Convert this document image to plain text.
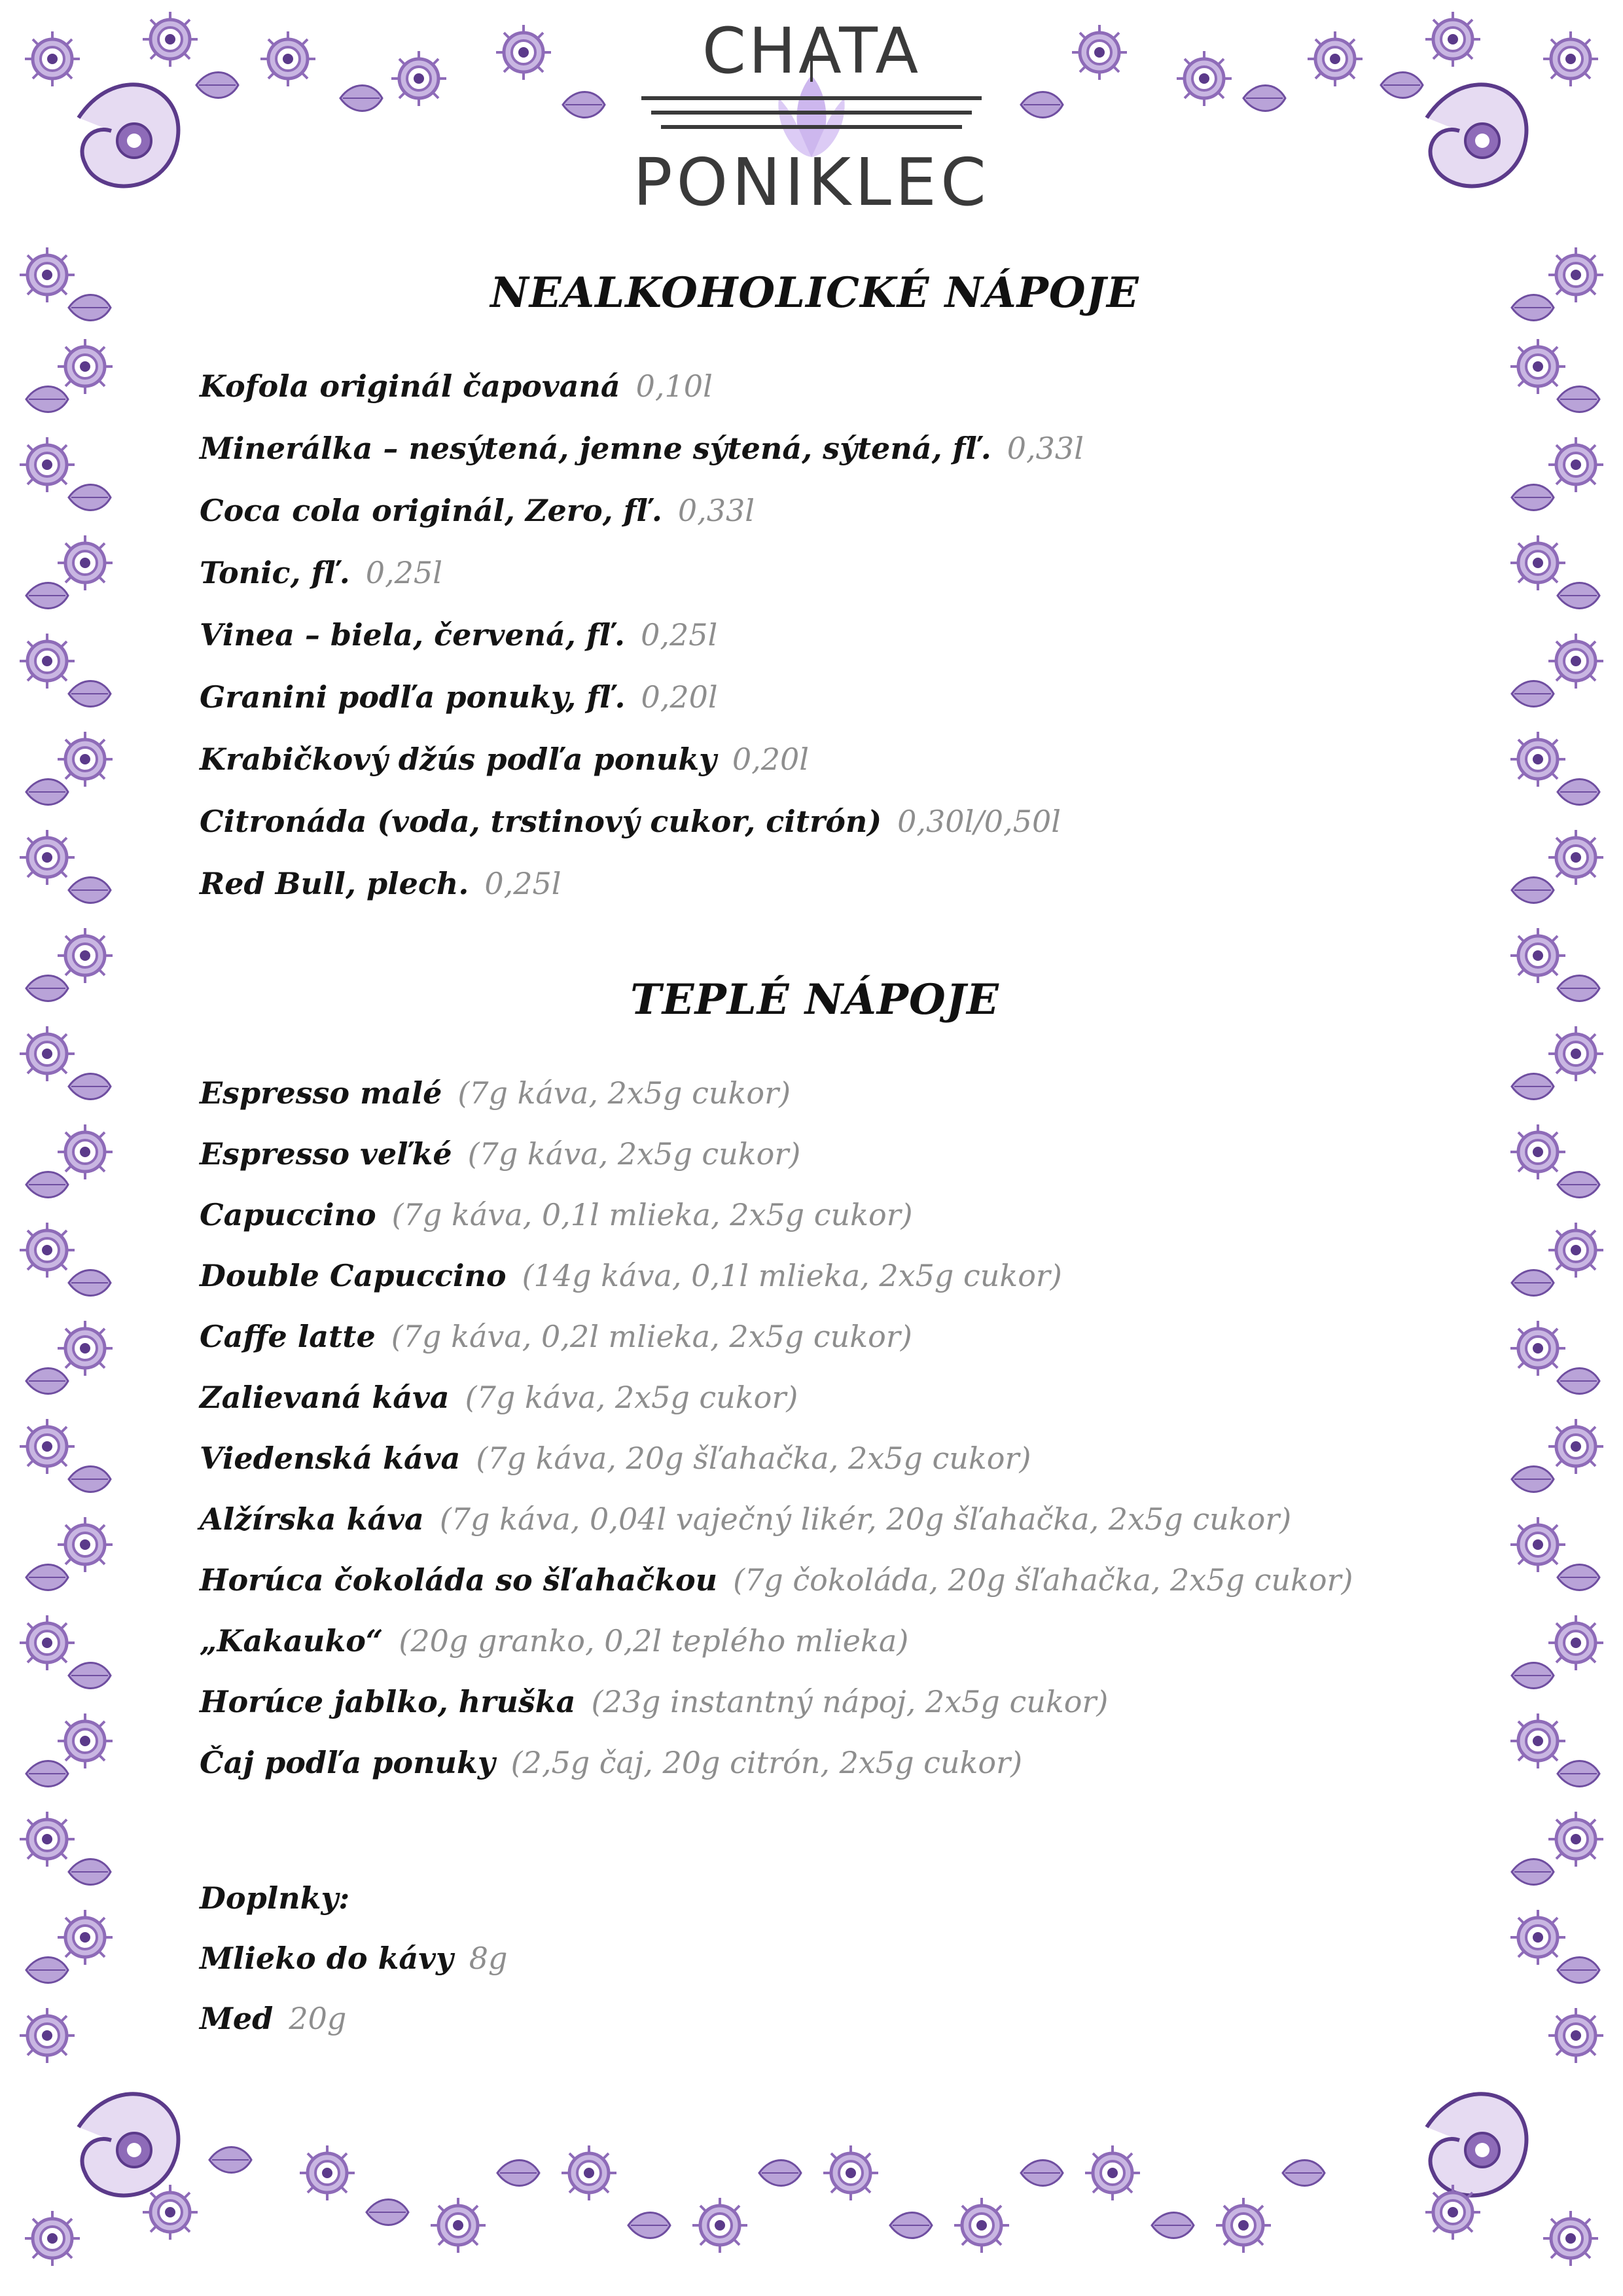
CHATA
PONIKLEC
NEALKOHOLICKÉ NÁPOJE
Kofola originál čapovaná 0,10l
Minerálka – nesýtená, jemne sýtená, sýtená, fľ. 0,33l
Coca cola originál, Zero, fľ. 0,33l
Tonic, fľ. 0,25l
Vinea – biela, červená, fľ. 0,25l
Granini podľa ponuky, fľ. 0,20l
Krabičkový džús podľa ponuky 0,20l
Citronáda (voda, trstinový cukor, citrón) 0,30l/0,50l
Red Bull, plech. 0,25l
TEPLÉ NÁPOJE
Espresso malé (7g káva, 2x5g cukor)
Espresso veľké (7g káva, 2x5g cukor)
Capuccino (7g káva, 0,1l mlieka, 2x5g cukor)
Double Capuccino (14g káva, 0,1l mlieka, 2x5g cukor)
Caffe latte (7g káva, 0,2l mlieka, 2x5g cukor)
Zalievaná káva (7g káva, 2x5g cukor)
Viedenská káva (7g káva, 20g šľahačka, 2x5g cukor)
Alžírska káva (7g káva, 0,04l vaječný likér, 20g šľahačka, 2x5g cukor)
Horúca čokoláda so šľahačkou (7g čokoláda, 20g šľahačka, 2x5g cukor)
„Kakauko“ (20g granko, 0,2l teplého mlieka)
Horúce jablko, hruška (23g instantný nápoj, 2x5g cukor)
Čaj podľa ponuky (2,5g čaj, 20g citrón, 2x5g cukor)
Doplnky:
Mlieko do kávy 8g
Med 20g
